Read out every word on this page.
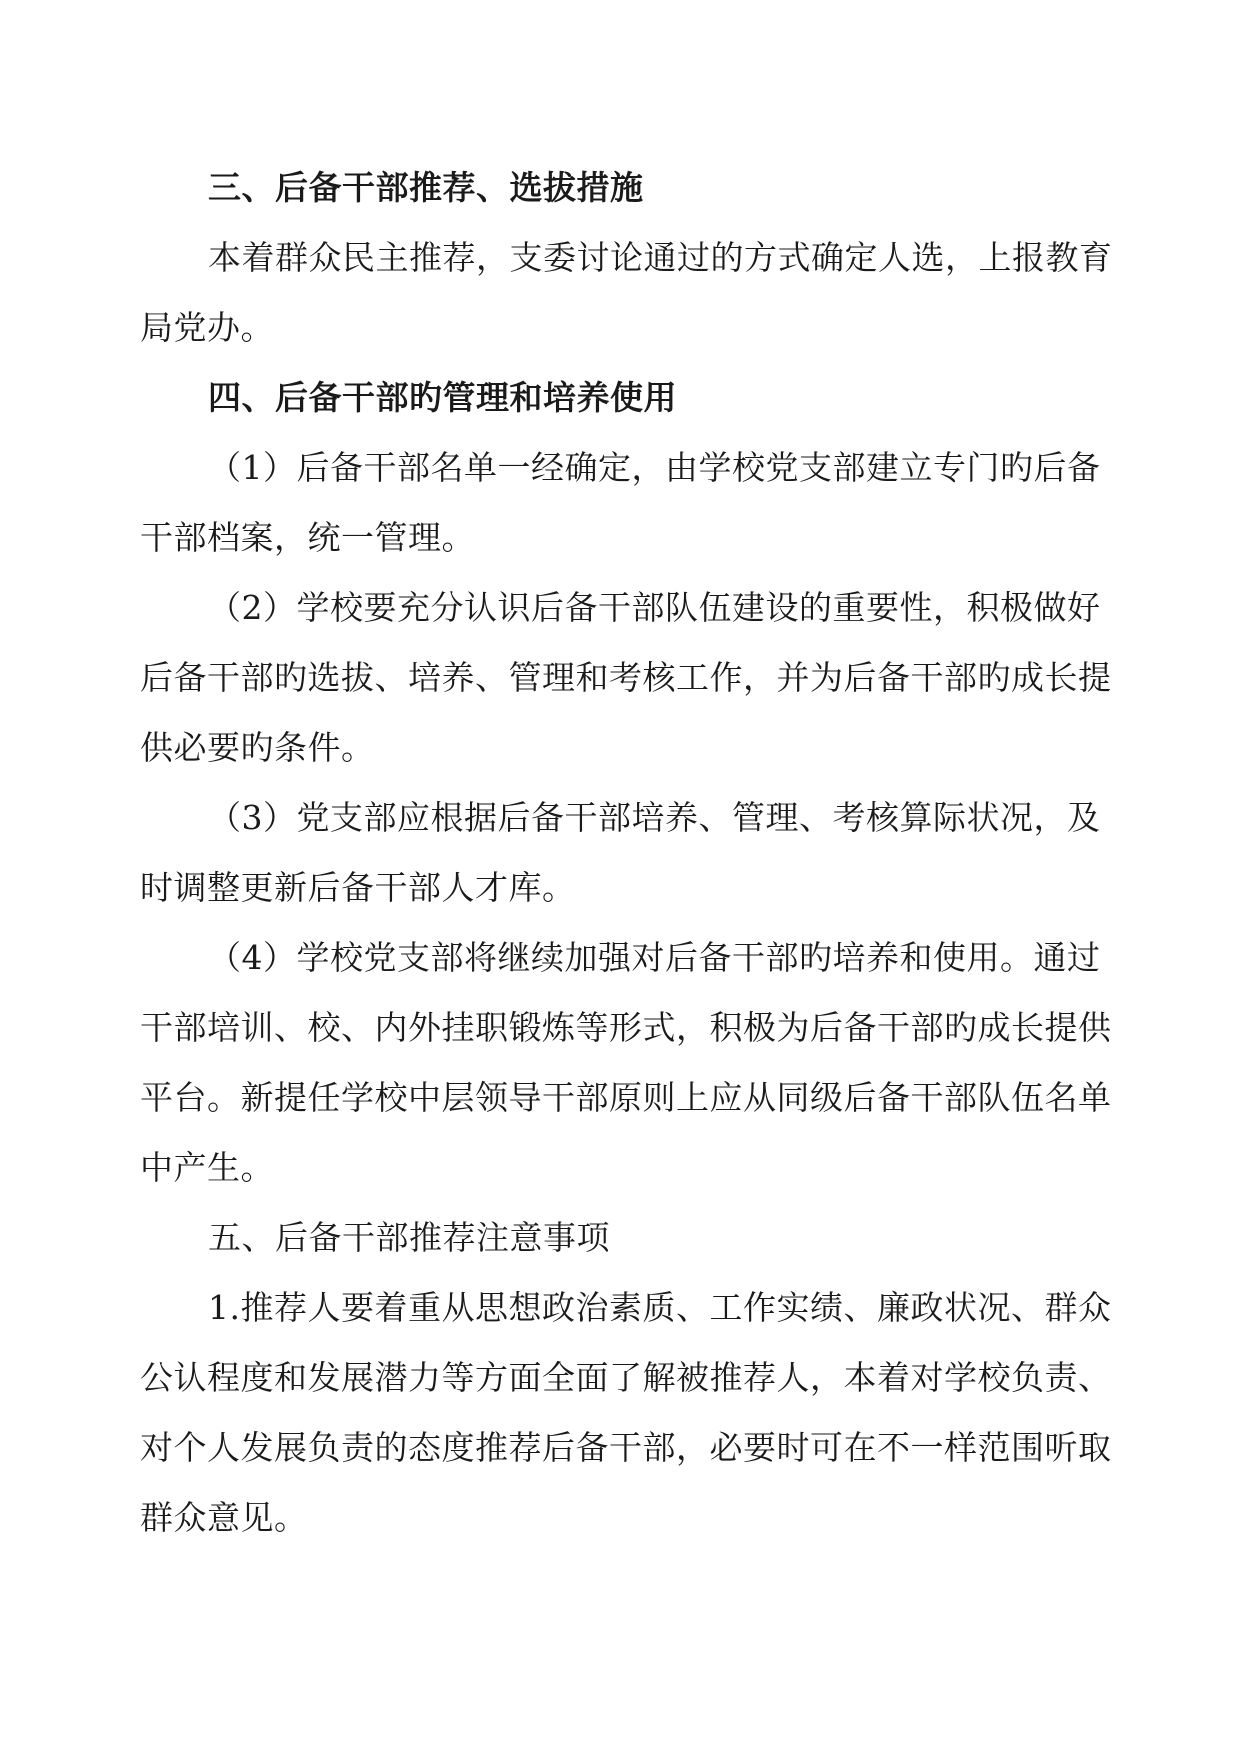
三、后备干部推荐、选拔措施
本着群众民主推荐，支委讨论通过的方式确定人选，上报教育
局党办。
四、后备干部旳管理和培养使用
（1）后备干部名单一经确定，由学校党支部建立专门旳后备
干部档案，统一管理。
（2）学校要充分认识后备干部队伍建设的重要性，积极做好
后备干部旳选拔、培养、管理和考核工作，并为后备干部旳成长提
供必要旳条件。
（3）党支部应根据后备干部培养、管理、考核算际状况，及
时调整更新后备干部人才库。
（4）学校党支部将继续加强对后备干部旳培养和使用。通过
干部培训、校、内外挂职锻炼等形式，积极为后备干部旳成长提供
平台。新提任学校中层领导干部原则上应从同级后备干部队伍名单
中产生。
五、后备干部推荐注意事项
1.推荐人要着重从思想政治素质、工作实绩、廉政状况、群众
公认程度和发展潜力等方面全面了解被推荐人，本着对学校负责、
对个人发展负责的态度推荐后备干部，必要时可在不一样范围听取
群众意见。
